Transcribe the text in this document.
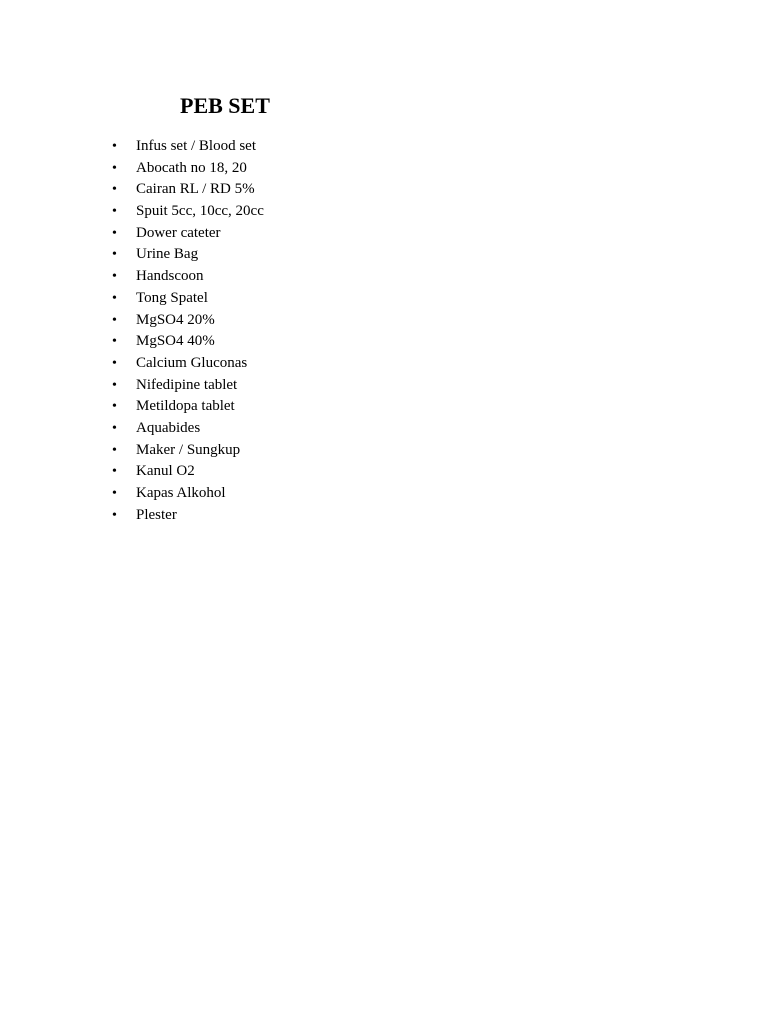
PEB SET
•	Infus set / Blood set
•	Abocath no 18, 20
•	Cairan RL / RD 5%
•	Spuit 5cc, 10cc, 20cc
•	Dower cateter
•	Urine Bag
•	Handscoon
•	Tong Spatel
•	MgSO4 20%
•	MgSO4 40%
•	Calcium Gluconas
•	Nifedipine tablet
•	Metildopa tablet
•	Aquabides
•	Maker / Sungkup
•	Kanul O2
•	Kapas Alkohol
•	Plester
